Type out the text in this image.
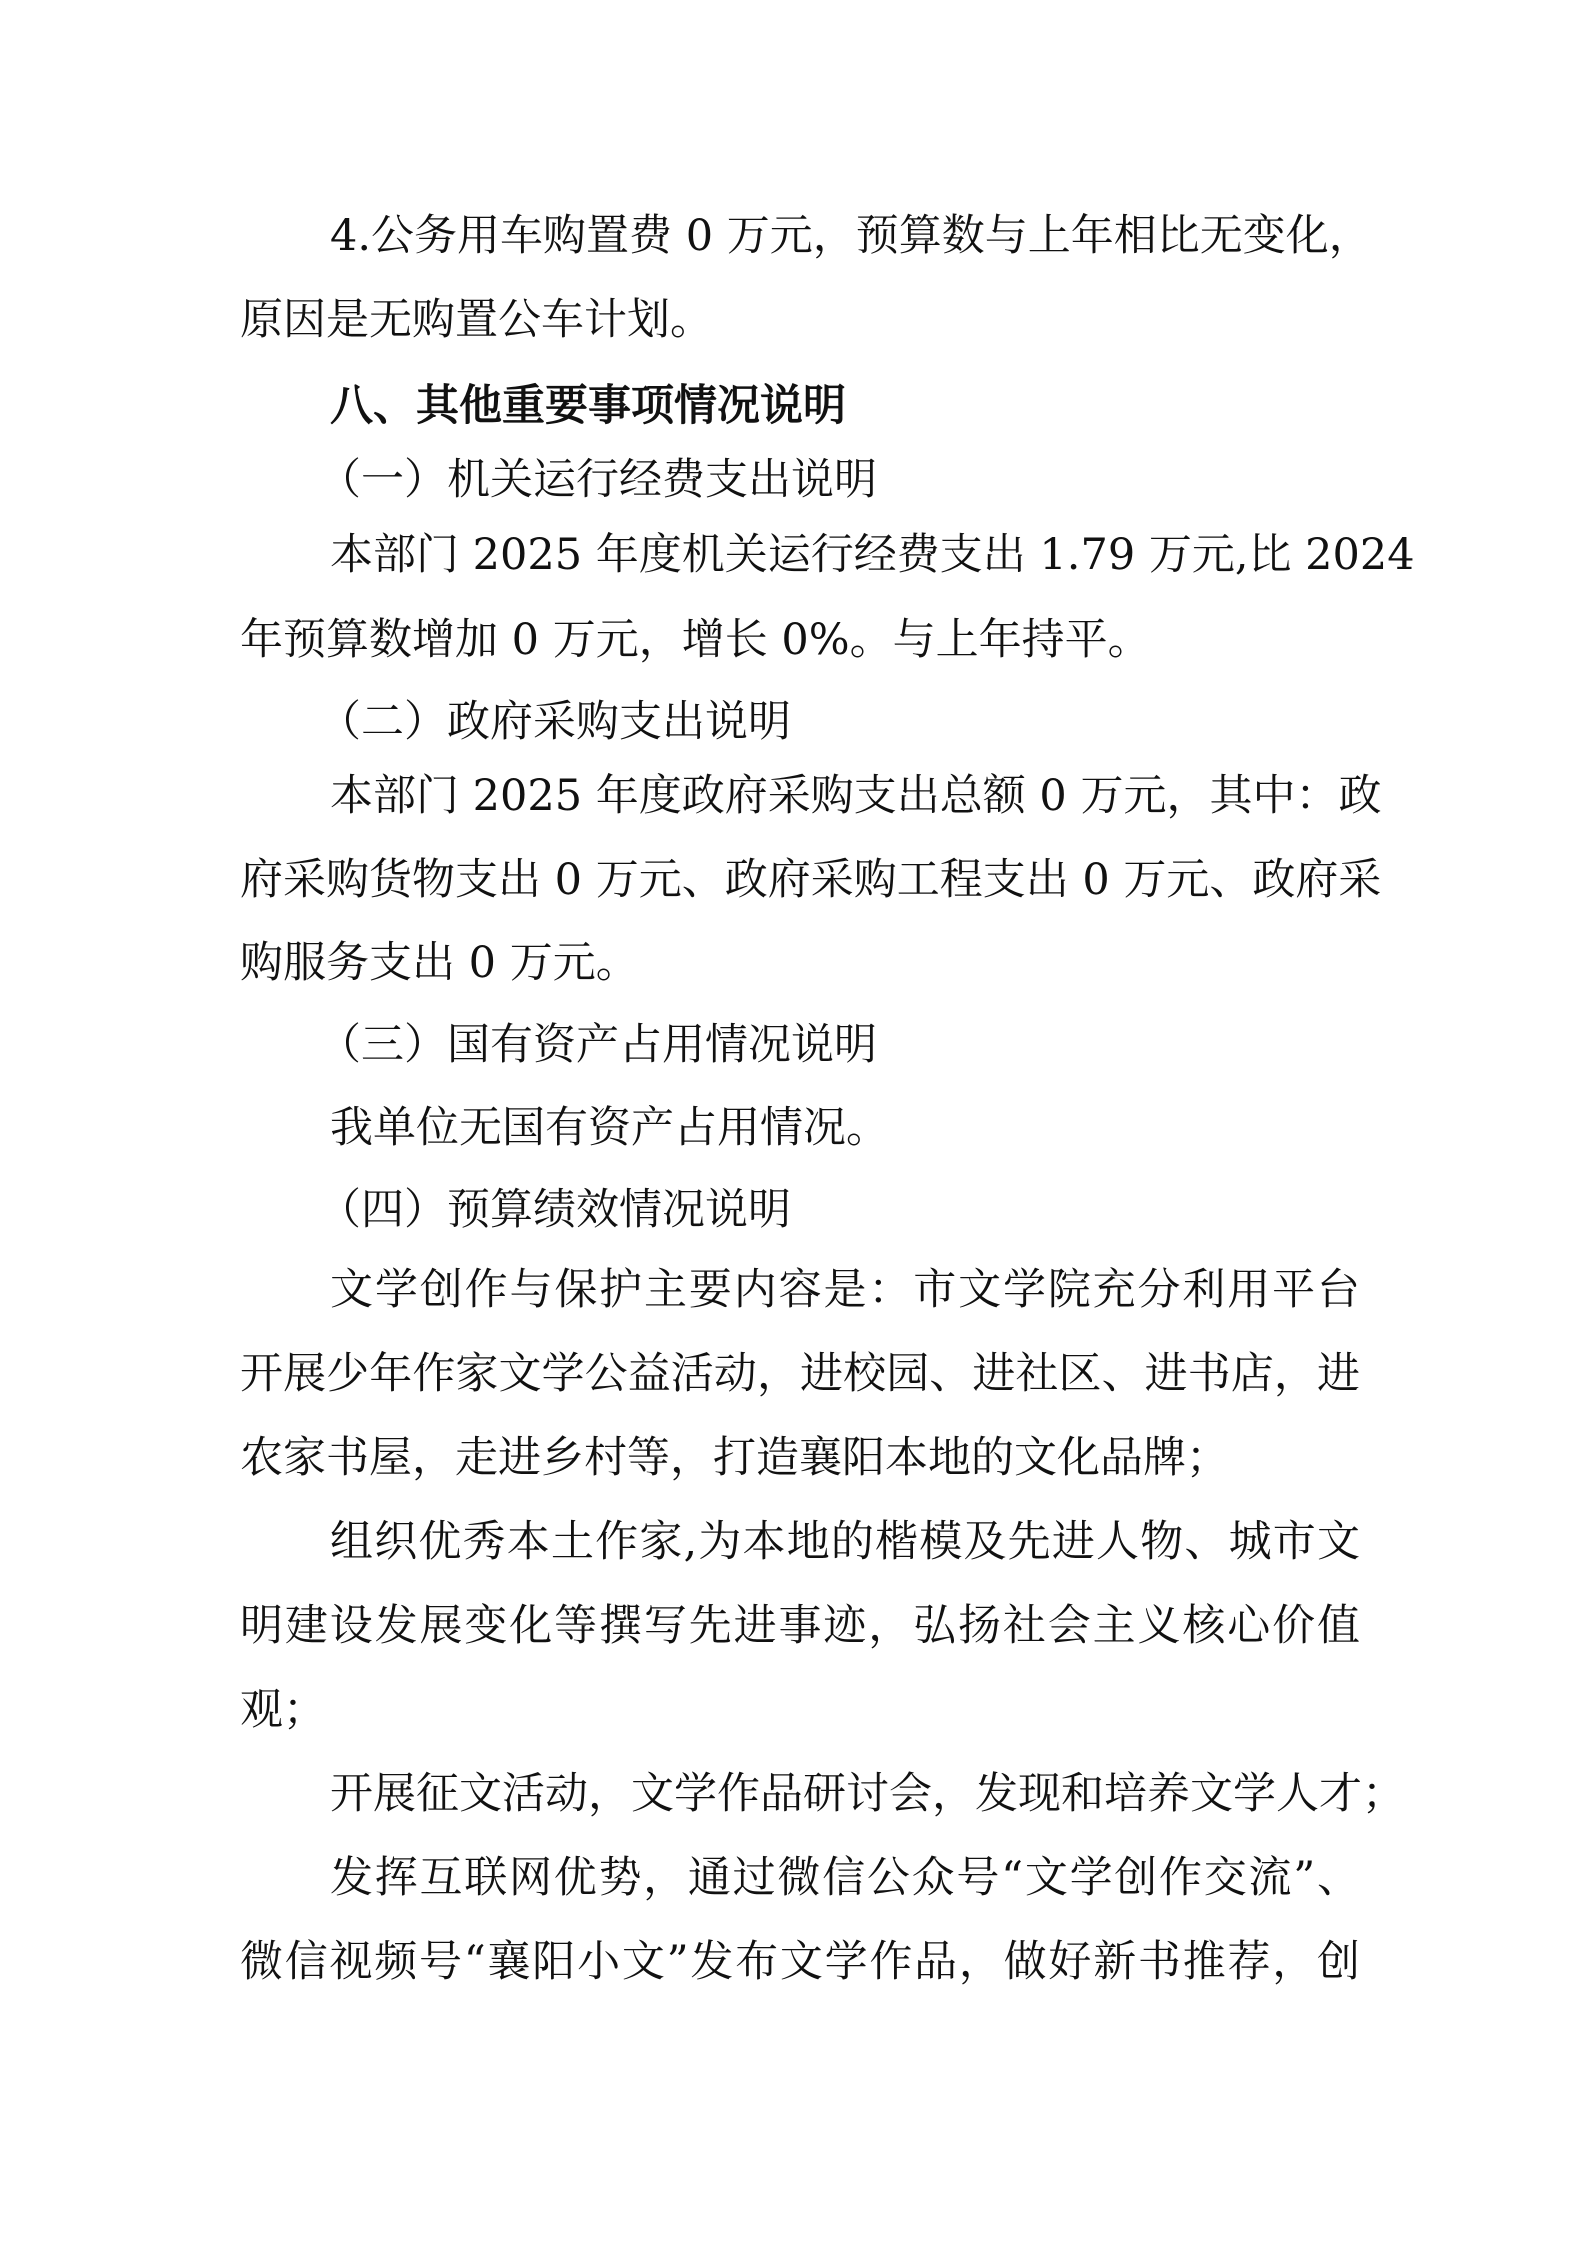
4.公务用车购置费 0 万元，预算数与上年相比无变化，
原因是无购置公车计划。
八、其他重要事项情况说明
（一）机关运行经费支出说明
本部门 2025 年度机关运行经费支出 1.79 万元,比 2024
年预算数增加 0 万元，增长 0%。与上年持平。
（二）政府采购支出说明
本部门 2025 年度政府采购支出总额 0 万元，其中：政
府采购货物支出 0 万元、政府采购工程支出 0 万元、政府采
购服务支出 0 万元。
（三）国有资产占用情况说明
我单位无国有资产占用情况。
（四）预算绩效情况说明
文学创作与保护主要内容是：市文学院充分利用平台
开展少年作家文学公益活动，进校园、进社区、进书店，进
农家书屋，走进乡村等，打造襄阳本地的文化品牌；
组织优秀本土作家,为本地的楷模及先进人物、城市文
明建设发展变化等撰写先进事迹，弘扬社会主义核心价值
观；
开展征文活动，文学作品研讨会，发现和培养文学人才；
发挥互联网优势，通过微信公众号“文学创作交流”、
微信视频号“襄阳小文”发布文学作品，做好新书推荐，创
